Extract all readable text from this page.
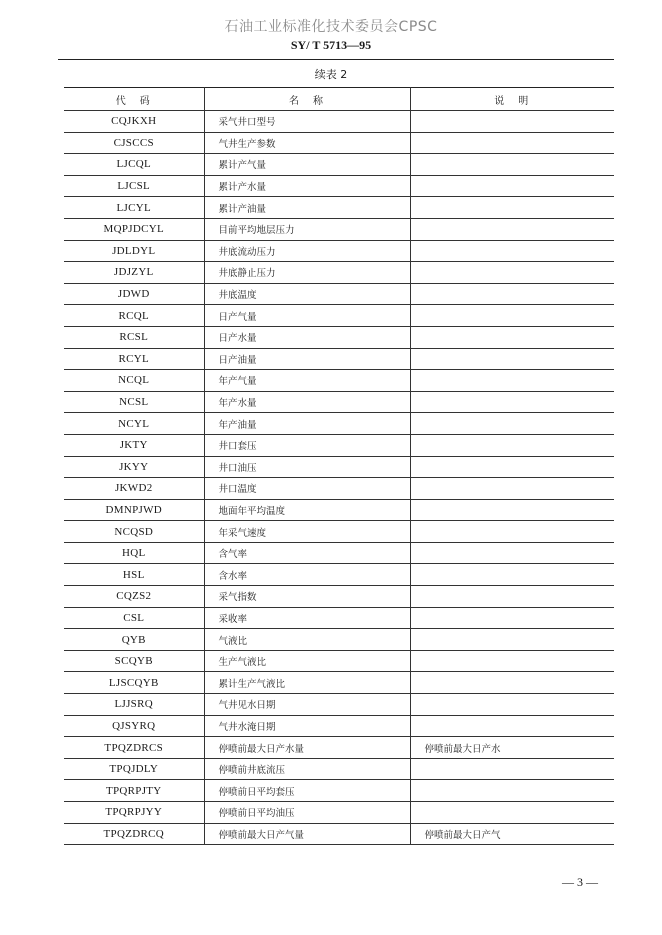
石油工业标准化技术委员会CPSC
SY/ T 5713—95
续表 2
代　码	名　称	说　明
CQJKXH	采气井口型号	
CJSCCS	气井生产参数	
LJCQL	累计产气量	
LJCSL	累计产水量	
LJCYL	累计产油量	
MQPJDCYL	目前平均地层压力	
JDLDYL	井底流动压力	
JDJZYL	井底静止压力	
JDWD	井底温度	
RCQL	日产气量	
RCSL	日产水量	
RCYL	日产油量	
NCQL	年产气量	
NCSL	年产水量	
NCYL	年产油量	
JKTY	井口套压	
JKYY	井口油压	
JKWD2	井口温度	
DMNPJWD	地面年平均温度	
NCQSD	年采气速度	
HQL	含气率	
HSL	含水率	
CQZS2	采气指数	
CSL	采收率	
QYB	气液比	
SCQYB	生产气液比	
LJSCQYB	累计生产气液比	
LJJSRQ	气井见水日期	
QJSYRQ	气井水淹日期	
TPQZDRCS	停喷前最大日产水量	停喷前最大日产水
TPQJDLY	停喷前井底流压	
TPQRPJTY	停喷前日平均套压	
TPQRPJYY	停喷前日平均油压	
TPQZDRCQ	停喷前最大日产气量	停喷前最大日产气
— 3 —
